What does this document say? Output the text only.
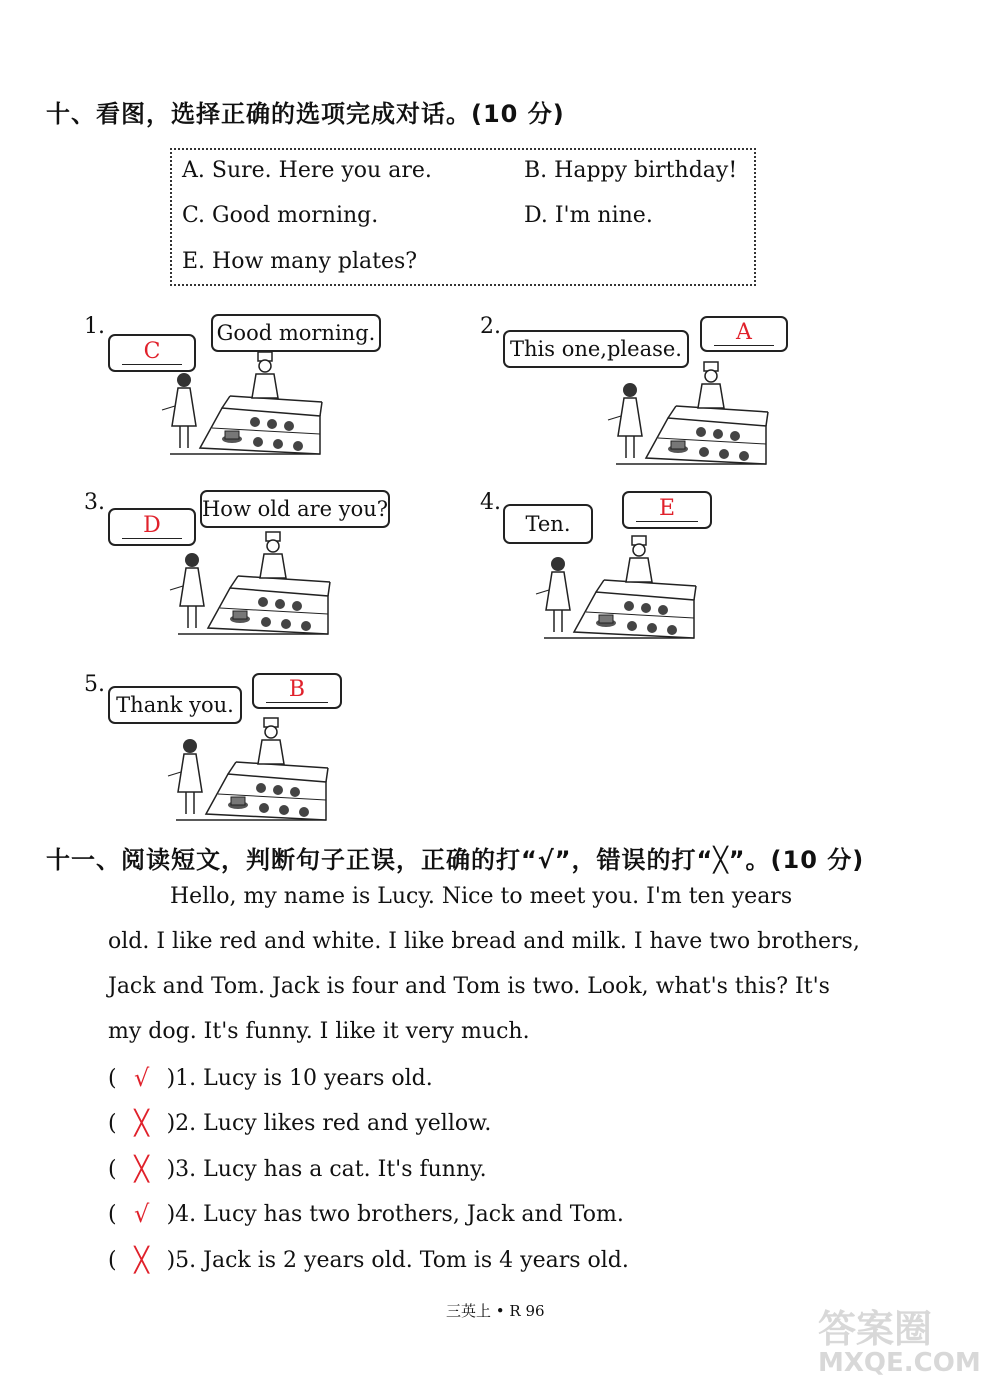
十、看图，选择正确的选项完成对话。(10 分)
A. Sure. Here you are.	B. Happy birthday!
C. Good morning.	D. I'm nine.
E. How many plates?
1.
C
Good morning.	2.
This one,please.
A
3.
D
How old are you?	4.
Ten.
E
5.
Thank you.
B
十一、阅读短文，判断句子正误，正确的打“√”，错误的打“╳”。(10 分)
Hello, my name is Lucy. Nice to meet you. I'm ten years
old. I like red and white. I like bread and milk. I have two brothers,
Jack and Tom. Jack is four and Tom is two. Look, what's this? It's
my dog. It's funny. I like it very much.
( √ )1. Lucy is 10 years old.
( ╳ )2. Lucy likes red and yellow.
( ╳ )3. Lucy has a cat. It's funny.
( √ )4. Lucy has two brothers, Jack and Tom.
( ╳ )5. Jack is 2 years old. Tom is 4 years old.
三英上 • R 96	答案圈
MXQE.COM
